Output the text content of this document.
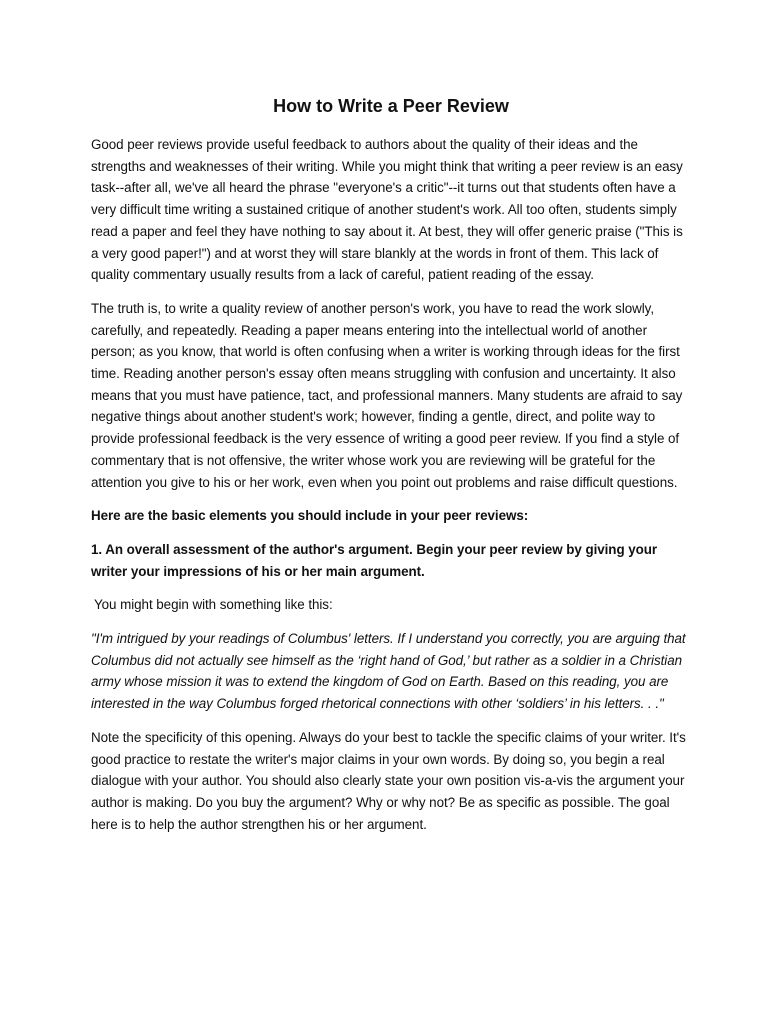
How to Write a Peer Review

Good peer reviews provide useful feedback to authors about the quality of their ideas and the strengths and weaknesses of their writing. While you might think that writing a peer review is an easy task--after all, we've all heard the phrase "everyone's a critic"--it turns out that students often have a very difficult time writing a sustained critique of another student's work. All too often, students simply read a paper and feel they have nothing to say about it. At best, they will offer generic praise ("This is a very good paper!") and at worst they will stare blankly at the words in front of them. This lack of quality commentary usually results from a lack of careful, patient reading of the essay.

The truth is, to write a quality review of another person's work, you have to read the work slowly, carefully, and repeatedly. Reading a paper means entering into the intellectual world of another person; as you know, that world is often confusing when a writer is working through ideas for the first time. Reading another person's essay often means struggling with confusion and uncertainty. It also means that you must have patience, tact, and professional manners. Many students are afraid to say negative things about another student's work; however, finding a gentle, direct, and polite way to provide professional feedback is the very essence of writing a good peer review. If you find a style of commentary that is not offensive, the writer whose work you are reviewing will be grateful for the attention you give to his or her work, even when you point out problems and raise difficult questions.

Here are the basic elements you should include in your peer reviews:

1. An overall assessment of the author's argument. Begin your peer review by giving your writer your impressions of his or her main argument.

You might begin with something like this:

"I'm intrigued by your readings of Columbus' letters. If I understand you correctly, you are arguing that Columbus did not actually see himself as the ‘right hand of God,’ but rather as a soldier in a Christian army whose mission it was to extend the kingdom of God on Earth. Based on this reading, you are interested in the way Columbus forged rhetorical connections with other ‘soldiers’ in his letters. . ."

Note the specificity of this opening. Always do your best to tackle the specific claims of your writer. It's good practice to restate the writer's major claims in your own words. By doing so, you begin a real dialogue with your author. You should also clearly state your own position vis-a-vis the argument your author is making. Do you buy the argument? Why or why not? Be as specific as possible. The goal here is to help the author strengthen his or her argument.
